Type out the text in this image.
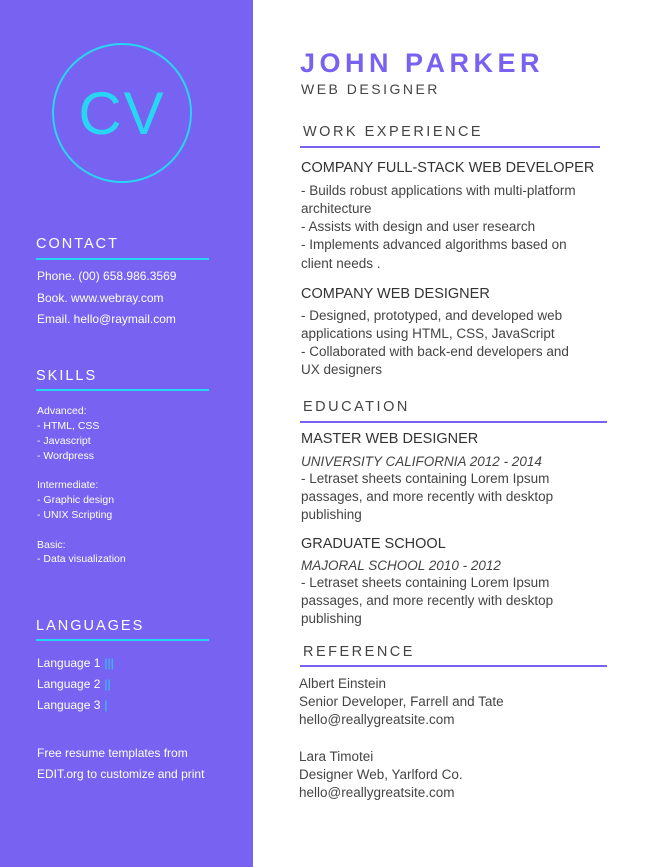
CV
CONTACT
Phone. (00) 658.986.3569
Book. www.webray.com
Email. hello@raymail.com
SKILLS
Advanced:
- HTML, CSS
- Javascript
- Wordpress
Intermediate:
- Graphic design
- UNIX Scripting
Basic:
- Data visualization
LANGUAGES
Language 1 |||
Language 2 ||
Language 3 |
Free resume templates from
EDIT.org to customize and print
JOHN PARKER
WEB DESIGNER
WORK EXPERIENCE
COMPANY FULL-STACK WEB DEVELOPER
- Builds robust applications with multi-platform
architecture
- Assists with design and user research
- Implements advanced algorithms based on
client needs .
COMPANY WEB DESIGNER
- Designed, prototyped, and developed web
applications using HTML, CSS, JavaScript
- Collaborated with back-end developers and
UX designers
EDUCATION
MASTER WEB DESIGNER
UNIVERSITY CALIFORNIA 2012 - 2014
- Letraset sheets containing Lorem Ipsum
passages, and more recently with desktop
publishing
GRADUATE SCHOOL
MAJORAL SCHOOL 2010 - 2012
- Letraset sheets containing Lorem Ipsum
passages, and more recently with desktop
publishing
REFERENCE
Albert Einstein
Senior Developer, Farrell and Tate
hello@reallygreatsite.com
Lara Timotei
Designer Web, Yarlford Co.
hello@reallygreatsite.com
